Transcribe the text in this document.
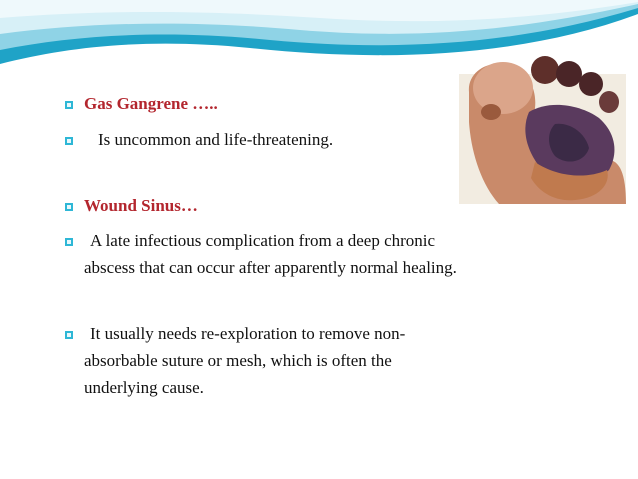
Gas Gangrene …..
Is uncommon and life-threatening.
Wound Sinus…
A late infectious complication from a deep chronic
abscess that can occur after apparently normal healing.
It usually needs re-exploration to remove non-
absorbable suture or mesh, which is often the
underlying cause.
